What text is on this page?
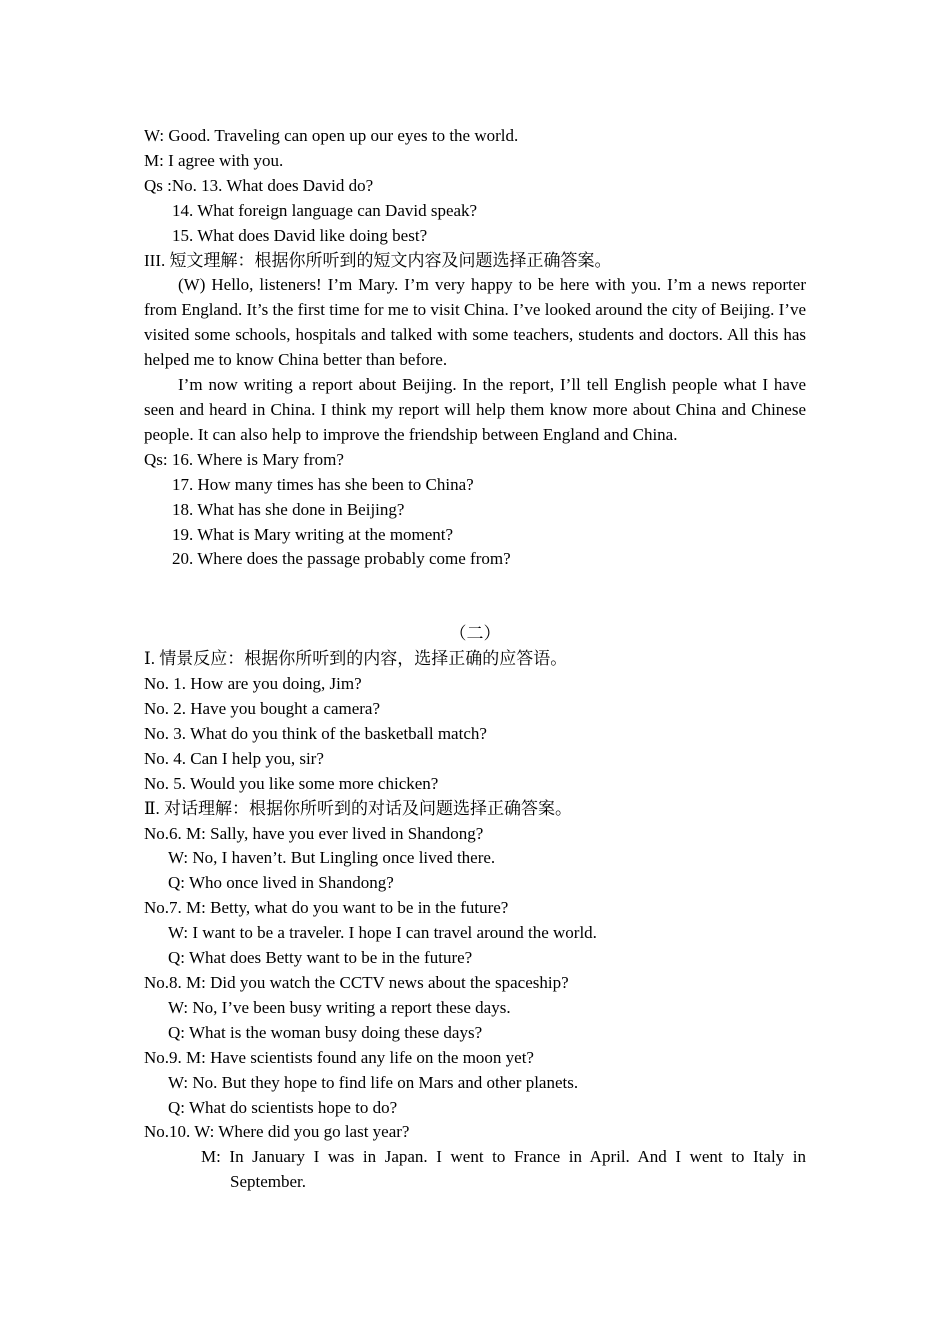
W: Good. Traveling can open up our eyes to the world.
M: I agree with you.
Qs :No. 13. What does David do?
14. What foreign language can David speak?
15. What does David like doing best?
III. 短文理解：根据你所听到的短文内容及问题选择正确答案。
(W) Hello, listeners! I’m Mary. I’m very happy to be here with you. I’m a news reporter from England. It’s the first time for me to visit China. I’ve looked around the city of Beijing. I’ve visited some schools, hospitals and talked with some teachers, students and doctors. All this has helped me to know China better than before.
I’m now writing a report about Beijing. In the report, I’ll tell English people what I have seen and heard in China. I think my report will help them know more about China and Chinese people. It can also help to improve the friendship between England and China.
Qs: 16. Where is Mary from?
17. How many times has she been to China?
18. What has she done in Beijing?
19. What is Mary writing at the moment?
20. Where does the passage probably come from?
（二）
Ⅰ. 情景反应：根据你所听到的内容，选择正确的应答语。
No. 1. How are you doing, Jim?
No. 2. Have you bought a camera?
No. 3. What do you think of the basketball match?
No. 4. Can I help you, sir?
No. 5. Would you like some more chicken?
Ⅱ. 对话理解：根据你所听到的对话及问题选择正确答案。
No.6. M: Sally, have you ever lived in Shandong?
W: No, I haven’t. But Lingling once lived there.
Q: Who once lived in Shandong?
No.7. M: Betty, what do you want to be in the future?
W: I want to be a traveler. I hope I can travel around the world.
Q: What does Betty want to be in the future?
No.8. M: Did you watch the CCTV news about the spaceship?
W: No, I’ve been busy writing a report these days.
Q: What is the woman busy doing these days?
No.9. M: Have scientists found any life on the moon yet?
W: No. But they hope to find life on Mars and other planets.
Q: What do scientists hope to do?
No.10. W: Where did you go last year?
M: In January I was in Japan. I went to France in April. And I went to Italy in September.
